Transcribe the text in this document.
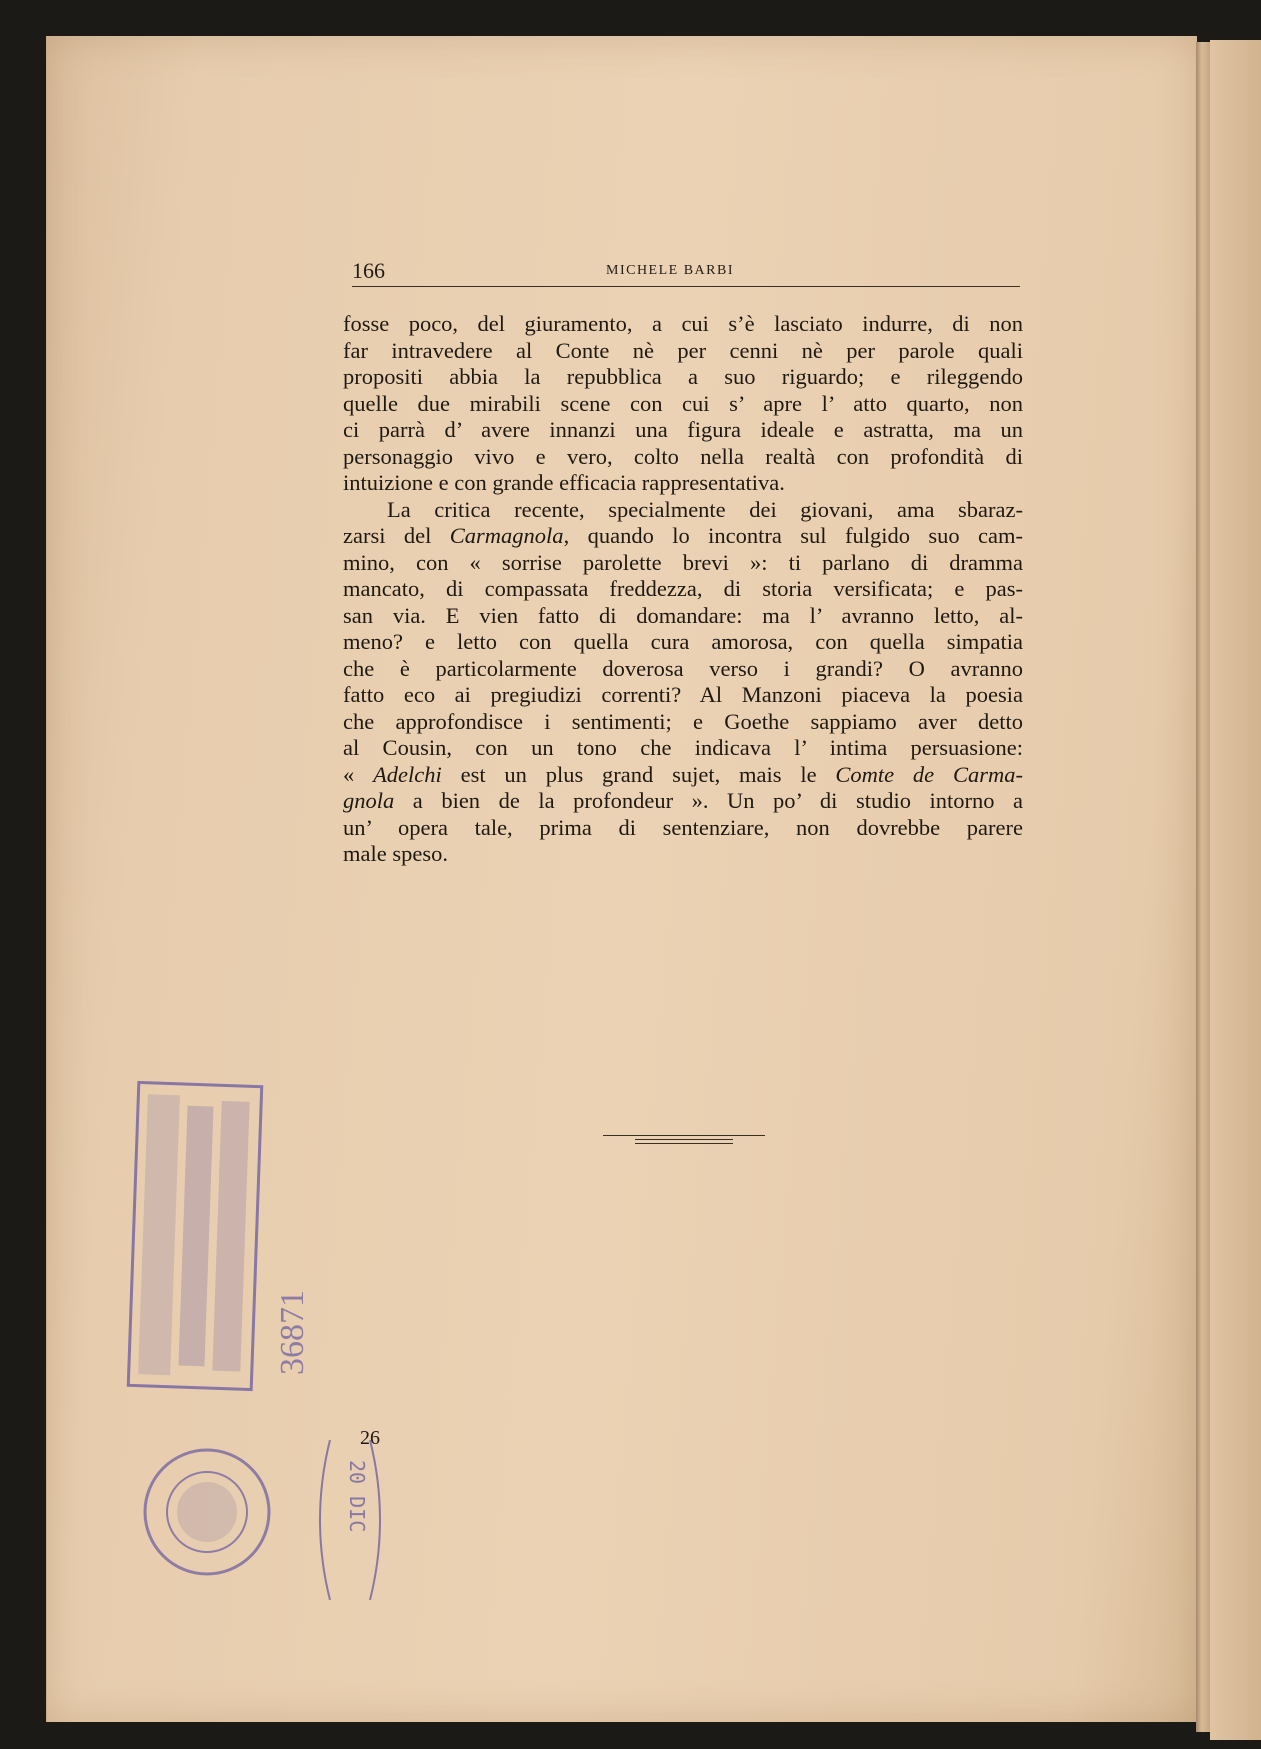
166	MICHELE BARBI
fosse poco, del giuramento, a cui s’è lasciato indurre, di non
far intravedere al Conte nè per cenni nè per parole quali
propositi abbia la repubblica a suo riguardo; e rileggendo
quelle due mirabili scene con cui s’ apre l’ atto quarto, non
ci parrà d’ avere innanzi una figura ideale e astratta, ma un
personaggio vivo e vero, colto nella realtà con profondità di
intuizione e con grande efficacia rappresentativa.
La critica recente, specialmente dei giovani, ama sbaraz-
zarsi del Carmagnola, quando lo incontra sul fulgido suo cam-
mino, con « sorrise parolette brevi »: ti parlano di dramma
mancato, di compassata freddezza, di storia versificata; e pas-
san via. E vien fatto di domandare: ma l’ avranno letto, al-
meno? e letto con quella cura amorosa, con quella simpatia
che è particolarmente doverosa verso i grandi? O avranno
fatto eco ai pregiudizi correnti? Al Manzoni piaceva la poesia
che approfondisce i sentimenti; e Goethe sappiamo aver detto
al Cousin, con un tono che indicava l’ intima persuasione:
« Adelchi est un plus grand sujet, mais le Comte de Carma-
gnola a bien de la profondeur ». Un po’ di studio intorno a
un’ opera tale, prima di sentenziare, non dovrebbe parere
male speso.
26
20 DIC
36871
